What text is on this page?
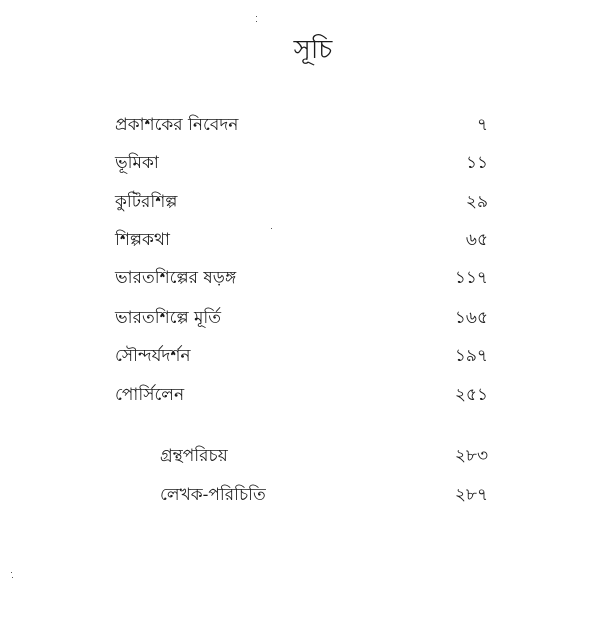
সূচি
প্রকাশকের নিবেদন	৭
ভূমিকা	১১
কুটিরশিল্প	২৯
শিল্পকথা	৬৫
ভারতশিল্পের ষড়ঙ্গ	১১৭
ভারতশিল্পে মূর্তি	১৬৫
সৌন্দর্যদর্শন	১৯৭
পোর্সিলেন	২৫১
গ্রন্থপরিচয়	২৮৩
লেখক-পরিচিতি	২৮৭
